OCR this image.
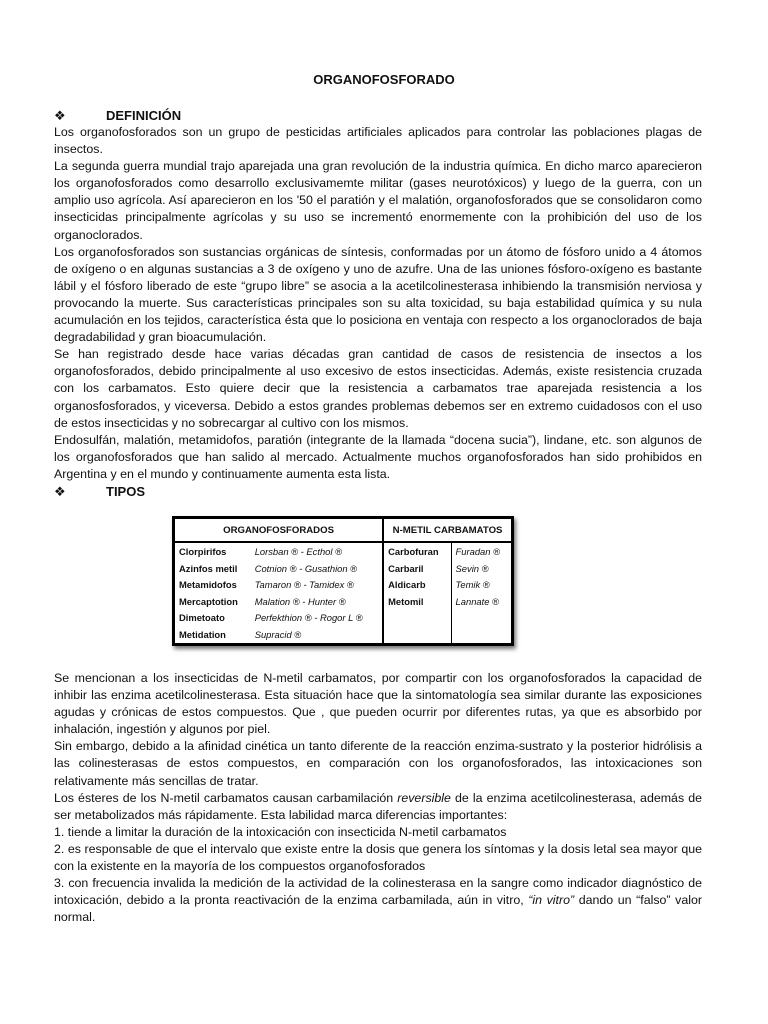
ORGANOFOSFORADO
❖	DEFINICIÓN

Los organofosforados son un grupo de pesticidas artificiales aplicados para controlar las poblaciones plagas de insectos.

La segunda guerra mundial trajo aparejada una gran revolución de la industria química. En dicho marco aparecieron los organofosforados como desarrollo exclusivamemte militar (gases neurotóxicos) y luego de la guerra, con un amplio uso agrícola. Así aparecieron en los '50 el paratión y el malatión, organofosforados que se consolidaron como insecticidas principalmente agrícolas y su uso se incrementó enormemente con la prohibición del uso de los organoclorados.

Los organofosforados son sustancias orgánicas de síntesis, conformadas por un átomo de fósforo unido a 4 átomos de oxígeno o en algunas sustancias a 3 de oxígeno y uno de azufre. Una de las uniones fósforo-oxígeno es bastante lábil y el fósforo liberado de este “grupo libre” se asocia a la acetilcolinesterasa inhibiendo la transmisión nerviosa y provocando la muerte. Sus características principales son su alta toxicidad, su baja estabilidad química y su nula acumulación en los tejidos, característica ésta que lo posiciona en ventaja con respecto a los organoclorados de baja degradabilidad y gran bioacumulación.

Se han registrado desde hace varias décadas gran cantidad de casos de resistencia de insectos a los organofosforados, debido principalmente al uso excesivo de estos insecticidas. Además, existe resistencia cruzada con los carbamatos. Esto quiere decir que la resistencia a carbamatos trae aparejada resistencia a los organosfosforados, y viceversa. Debido a estos grandes problemas debemos ser en extremo cuidadosos con el uso de estos insecticidas y no sobrecargar al cultivo con los mismos.

Endosulfán, malatión, metamidofos, paratión (integrante de la llamada “docena sucia”), lindane, etc. son algunos de los organofosforados que han salido al mercado. Actualmente muchos organofosforados han sido prohibidos en Argentina y en el mundo y continuamente aumenta esta lista.

❖	TIPOS
ORGANOFOSFORADOS		N-METIL CARBAMATOS	
Clorpirifos	Lorsban ® - Ecthol ®	Carbofuran	Furadan ®
Azinfos metil	Cotnion ® - Gusathion ®	Carbaril	Sevin ®
Metamidofos	Tamaron ® - Tamidex ®	Aldicarb	Temik ®
Mercaptotion	Malation ® - Hunter ®	Metomil	Lannate ®
Dimetoato	Perfekthion ® - Rogor L ®		
Metidation	Supracid ®		

Se mencionan a los insecticidas de N-metil carbamatos, por compartir con los organofosforados la capacidad de inhibir las enzima acetilcolinesterasa. Esta situación hace que la sintomatología sea similar durante las exposiciones agudas y crónicas de estos compuestos. Que , que pueden ocurrir por diferentes rutas, ya que es absorbido por inhalación, ingestión y algunos por piel.

Sin embargo, debido a la afinidad cinética un tanto diferente de la reacción enzima-sustrato y la posterior hidrólisis a las colinesterasas de estos compuestos, en comparación con los organofosforados, las intoxicaciones son relativamente más sencillas de tratar.

Los ésteres de los N-metil carbamatos causan carbamilación reversible de la enzima acetilcolinesterasa, además de ser metabolizados más rápidamente. Esta labilidad marca diferencias importantes:

1. tiende a limitar la duración de la intoxicación con insecticida N-metil carbamatos

2. es responsable de que el intervalo que existe entre la dosis que genera los síntomas y la dosis letal sea mayor que con la existente en la mayoría de los compuestos organofosforados

3. con frecuencia invalida la medición de la actividad de la colinesterasa en la sangre como indicador diagnóstico de intoxicación, debido a la pronta reactivación de la enzima carbamilada, aún in vitro, “in vitro” dando un “falso” valor normal.
